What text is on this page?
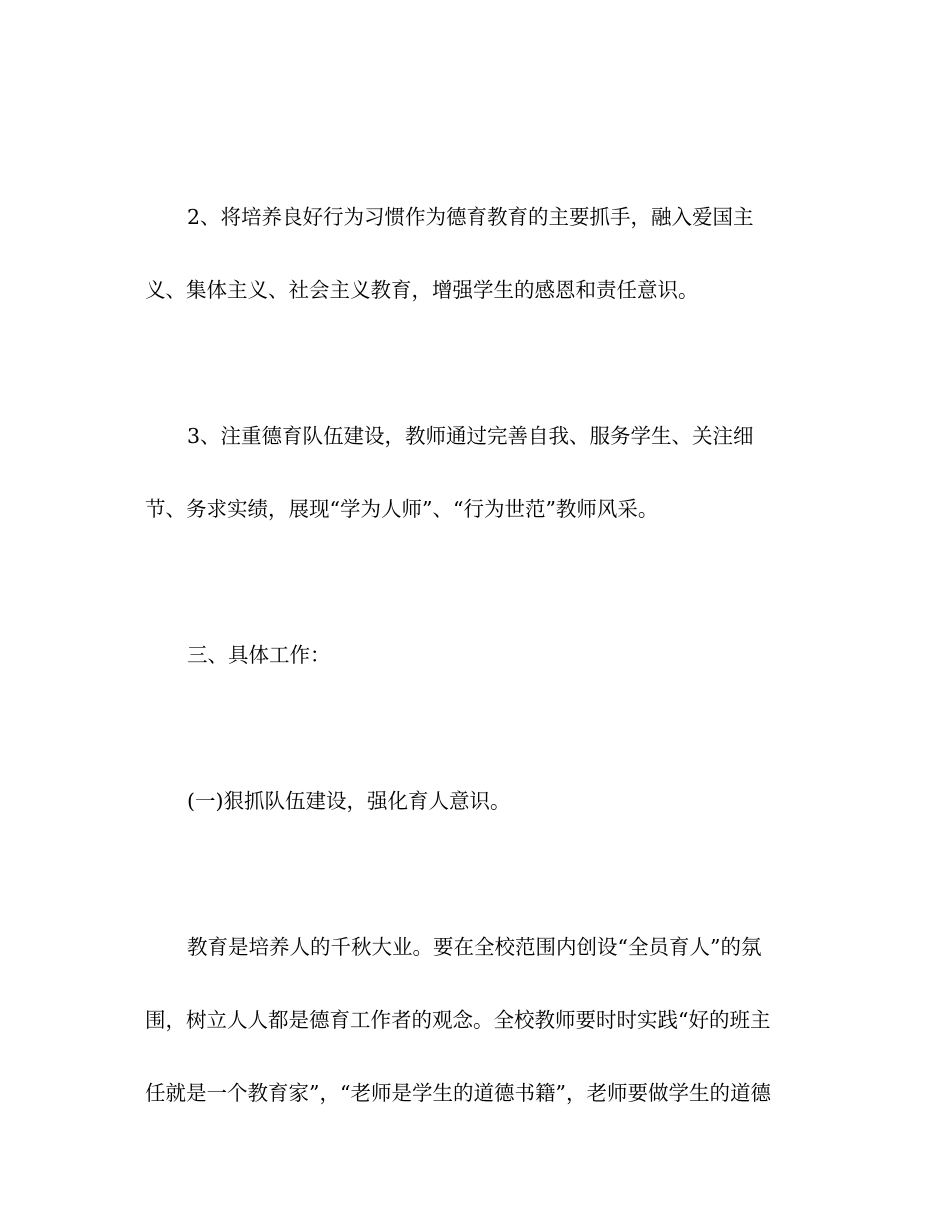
2、将培养良好行为习惯作为德育教育的主要抓手，融入爱国主
义、集体主义、社会主义教育，增强学生的感恩和责任意识。
3、注重德育队伍建设，教师通过完善自我、服务学生、关注细
节、务求实绩，展现“学为人师”、“行为世范”教师风采。
三、具体工作：
(一)狠抓队伍建设，强化育人意识。
教育是培养人的千秋大业。要在全校范围内创设“全员育人”的氛
围，树立人人都是德育工作者的观念。全校教师要时时实践“好的班主
任就是一个教育家”，“老师是学生的道德书籍”，老师要做学生的道德
